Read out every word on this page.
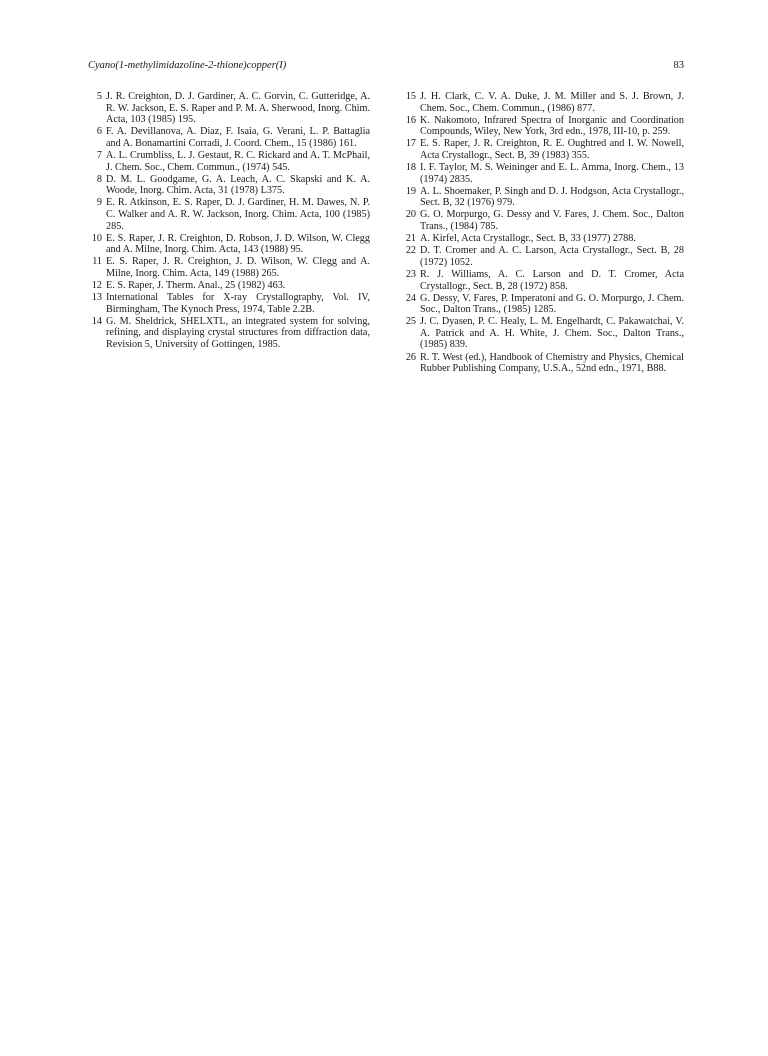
Cyano(1-methylimidazoline-2-thione)copper(I)	83
5 J. R. Creighton, D. J. Gardiner, A. C. Gorvin, C. Gutteridge, A. R. W. Jackson, E. S. Raper and P. M. A. Sherwood, Inorg. Chim. Acta, 103 (1985) 195.
6 F. A. Devillanova, A. Diaz, F. Isaia, G. Verani, L. P. Battaglia and A. Bonamartini Corradi, J. Coord. Chem., 15 (1986) 161.
7 A. L. Crumbliss, L. J. Gestaut, R. C. Rickard and A. T. McPhail, J. Chem. Soc., Chem. Commun., (1974) 545.
8 D. M. L. Goodgame, G. A. Leach, A. C. Skapski and K. A. Woode, Inorg. Chim. Acta, 31 (1978) L375.
9 E. R. Atkinson, E. S. Raper, D. J. Gardiner, H. M. Dawes, N. P. C. Walker and A. R. W. Jackson, Inorg. Chim. Acta, 100 (1985) 285.
10 E. S. Raper, J. R. Creighton, D. Robson, J. D. Wilson, W. Clegg and A. Milne, Inorg. Chim. Acta, 143 (1988) 95.
11 E. S. Raper, J. R. Creighton, J. D. Wilson, W. Clegg and A. Milne, Inorg. Chim. Acta, 149 (1988) 265.
12 E. S. Raper, J. Therm. Anal., 25 (1982) 463.
13 International Tables for X-ray Crystallography, Vol. IV, Birmingham, The Kynoch Press, 1974, Table 2.2B.
14 G. M. Sheldrick, SHELXTL, an integrated system for solving, refining, and displaying crystal structures from diffraction data, Revision 5, University of Gottingen, 1985.
15 J. H. Clark, C. V. A. Duke, J. M. Miller and S. J. Brown, J. Chem. Soc., Chem. Commun., (1986) 877.
16 K. Nakomoto, Infrared Spectra of Inorganic and Coordination Compounds, Wiley, New York, 3rd edn., 1978, III-10, p. 259.
17 E. S. Raper, J. R. Creighton, R. E. Oughtred and I. W. Nowell, Acta Crystallogr., Sect. B, 39 (1983) 355.
18 I. F. Taylor, M. S. Weininger and E. L. Amma, Inorg. Chem., 13 (1974) 2835.
19 A. L. Shoemaker, P. Singh and D. J. Hodgson, Acta Crystallogr., Sect. B, 32 (1976) 979.
20 G. O. Morpurgo, G. Dessy and V. Fares, J. Chem. Soc., Dalton Trans., (1984) 785.
21 A. Kirfel, Acta Crystallogr., Sect. B, 33 (1977) 2788.
22 D. T. Cromer and A. C. Larson, Acta Crystallogr., Sect. B, 28 (1972) 1052.
23 R. J. Williams, A. C. Larson and D. T. Cromer, Acta Crystallogr., Sect. B, 28 (1972) 858.
24 G. Dessy, V. Fares, P. Imperatoni and G. O. Morpurgo, J. Chem. Soc., Dalton Trans., (1985) 1285.
25 J. C. Dyasen, P. C. Healy, L. M. Engelhardt, C. Pakawatchai, V. A. Patrick and A. H. White, J. Chem. Soc., Dalton Trans., (1985) 839.
26 R. T. West (ed.), Handbook of Chemistry and Physics, Chemical Rubber Publishing Company, U.S.A., 52nd edn., 1971, B88.
